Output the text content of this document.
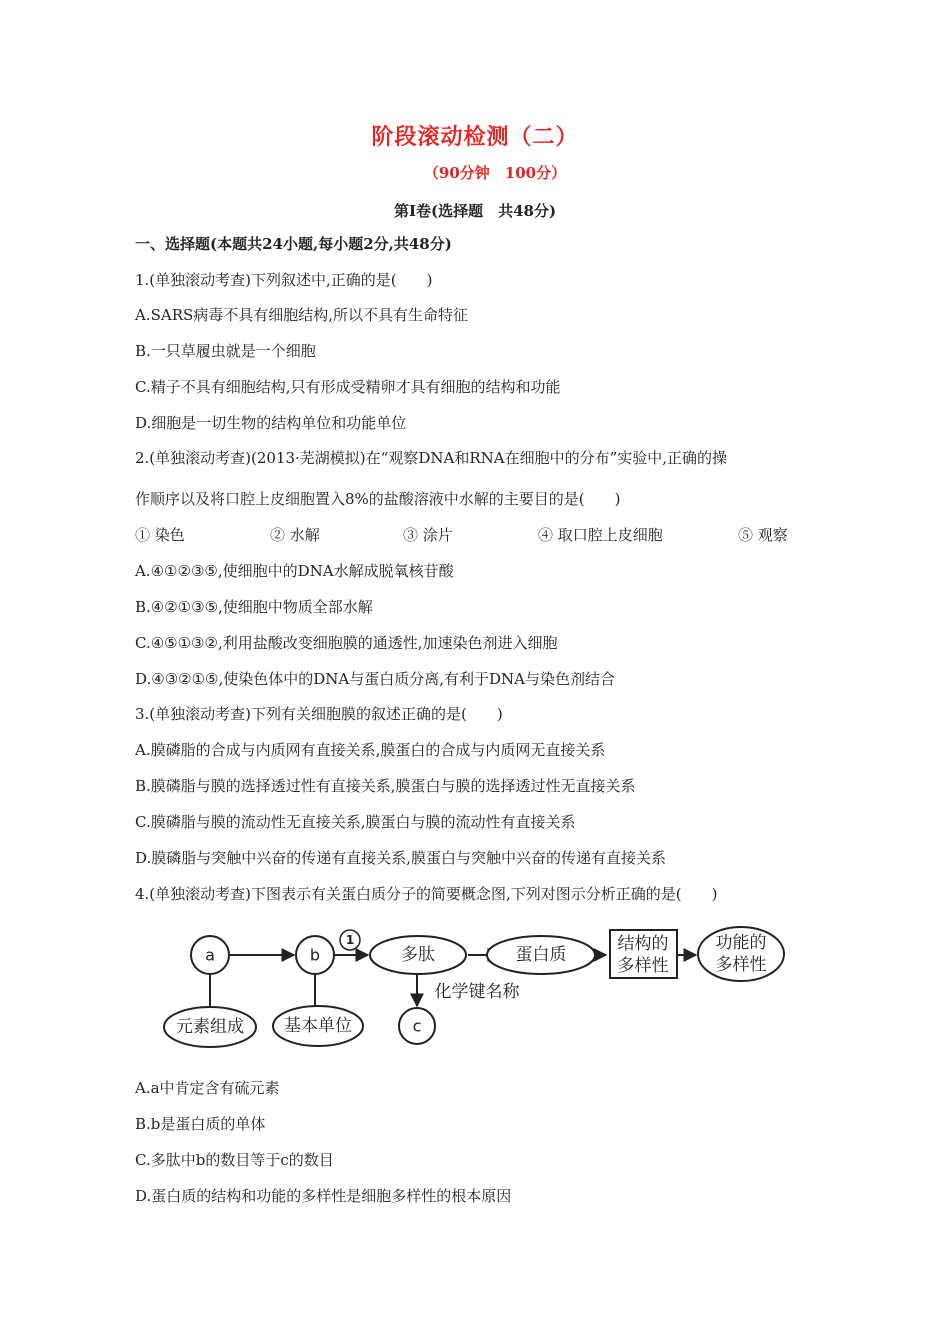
阶段滚动检测（二）
（90分钟　100分）
第Ⅰ卷(选择题　共48分)
一、选择题(本题共24小题,每小题2分,共48分)
1.(单独滚动考查)下列叙述中,正确的是(　　)
A.SARS病毒不具有细胞结构,所以不具有生命特征
B.一只草履虫就是一个细胞
C.精子不具有细胞结构,只有形成受精卵才具有细胞的结构和功能
D.细胞是一切生物的结构单位和功能单位
2.(单独滚动考查)(2013·芜湖模拟)在“观察DNA和RNA在细胞中的分布”实验中,正确的操
作顺序以及将口腔上皮细胞置入8%的盐酸溶液中水解的主要目的是(　　)
① 染色	② 水解	③ 涂片	④ 取口腔上皮细胞	⑤ 观察
A.④①②③⑤,使细胞中的DNA水解成脱氧核苷酸
B.④②①③⑤,使细胞中物质全部水解
C.④⑤①③②,利用盐酸改变细胞膜的通透性,加速染色剂进入细胞
D.④③②①⑤,使染色体中的DNA与蛋白质分离,有利于DNA与染色剂结合
3.(单独滚动考查)下列有关细胞膜的叙述正确的是(　　)
A.膜磷脂的合成与内质网有直接关系,膜蛋白的合成与内质网无直接关系
B.膜磷脂与膜的选择透过性有直接关系,膜蛋白与膜的选择透过性无直接关系
C.膜磷脂与膜的流动性无直接关系,膜蛋白与膜的流动性有直接关系
D.膜磷脂与突触中兴奋的传递有直接关系,膜蛋白与突触中兴奋的传递有直接关系
4.(单独滚动考查)下图表示有关蛋白质分子的简要概念图,下列对图示分析正确的是(　　)
a	b
1
多肽	蛋白质
结构的
多样性
功能的
多样性
元素组成 基本单位
化学键名称
c
A.a中肯定含有硫元素
B.b是蛋白质的单体
C.多肽中b的数目等于c的数目
D.蛋白质的结构和功能的多样性是细胞多样性的根本原因
